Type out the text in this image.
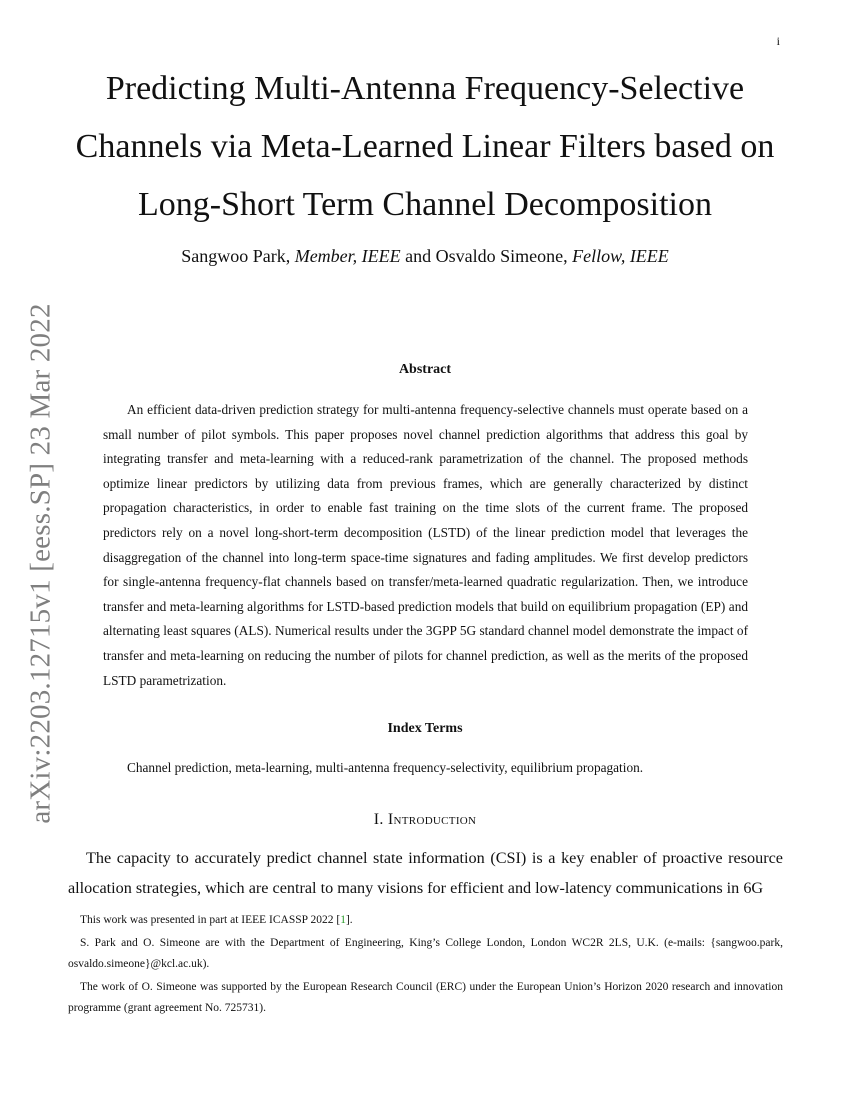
i
arXiv:2203.12715v1 [eess.SP] 23 Mar 2022
Predicting Multi-Antenna Frequency-Selective
Channels via Meta-Learned Linear Filters based on
Long-Short Term Channel Decomposition
Sangwoo Park, Member, IEEE and Osvaldo Simeone, Fellow, IEEE
Abstract

An efficient data-driven prediction strategy for multi-antenna frequency-selective channels must operate based on a small number of pilot symbols. This paper proposes novel channel prediction algorithms that address this goal by integrating transfer and meta-learning with a reduced-rank parametrization of the channel. The proposed methods optimize linear predictors by utilizing data from previous frames, which are generally characterized by distinct propagation characteristics, in order to enable fast training on the time slots of the current frame. The proposed predictors rely on a novel long-short-term decomposition (LSTD) of the linear prediction model that leverages the disaggregation of the channel into long-term space-time signatures and fading amplitudes. We first develop predictors for single-antenna frequency-flat channels based on transfer/meta-learned quadratic regularization. Then, we introduce transfer and meta-learning algorithms for LSTD-based prediction models that build on equilibrium propagation (EP) and alternating least squares (ALS). Numerical results under the 3GPP 5G standard channel model demonstrate the impact of transfer and meta-learning on reducing the number of pilots for channel prediction, as well as the merits of the proposed LSTD parametrization.

Index Terms

Channel prediction, meta-learning, multi-antenna frequency-selectivity, equilibrium propagation.

I. Introduction

The capacity to accurately predict channel state information (CSI) is a key enabler of proactive resource allocation strategies, which are central to many visions for efficient and low-latency communications in 6G

This work was presented in part at IEEE ICASSP 2022 [1].

S. Park and O. Simeone are with the Department of Engineering, King’s College London, London WC2R 2LS, U.K. (e-mails: {sangwoo.park, osvaldo.simeone}@kcl.ac.uk).

The work of O. Simeone was supported by the European Research Council (ERC) under the European Union’s Horizon 2020 research and innovation programme (grant agreement No. 725731).
